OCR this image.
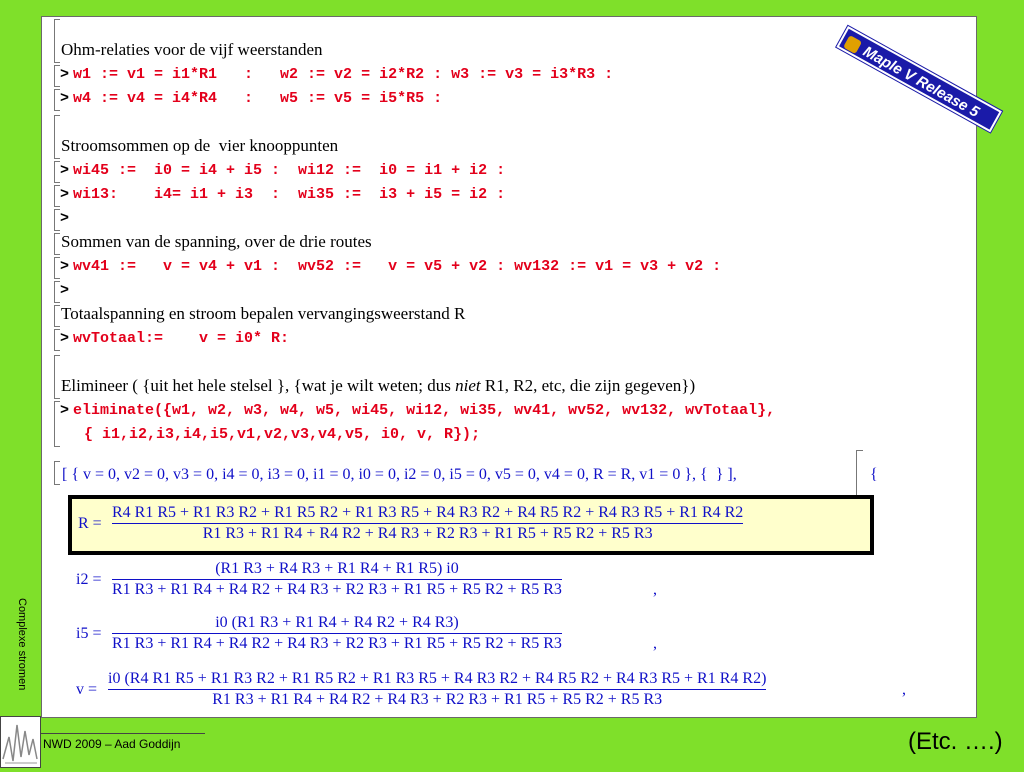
Ohm-relaties voor de vijf weerstanden
> w1 := v1 = i1*R1   :   w2 := v2 = i2*R2 : w3 := v3 = i3*R3 :
> w4 := v4 = i4*R4   :   w5 := v5 = i5*R5 :
Stroomsommen op de  vier knooppunten
> wi45 :=  i0 = i4 + i5 :  wi12 :=  i0 = i1 + i2 :
> wi13:    i4= i1 + i3  :  wi35 :=  i3 + i5 = i2 :
>
Sommen van de spanning, over de drie routes
> wv41 :=   v = v4 + v1 :  wv52 :=   v = v5 + v2 : wv132 := v1 = v3 + v2 :
>
Totaalspanning en stroom bepalen vervangingsweerstand R
> wvTotaal:=    v = i0* R:
Elimineer ( {uit het hele stelsel }, {wat je wilt weten; dus niet R1, R2, etc, die zijn gegeven})
> eliminate({w1, w2, w3, w4, w5, wi45, wi12, wi35, wv41, wv52, wv132, wvTotaal},
{ i1,i2,i3,i4,i5,v1,v2,v3,v4,v5, i0, v, R});
[ { v = 0, v2 = 0, v3 = 0, i4 = 0, i3 = 0, i1 = 0, i0 = 0, i2 = 0, i5 = 0, v5 = 0, v4 = 0, R = R, v1 = 0 }, {  } ],	{
R =
R4 R1 R5 + R1 R3 R2 + R1 R5 R2 + R1 R3 R5 + R4 R3 R2 + R4 R5 R2 + R4 R3 R5 + R1 R4 R2
R1 R3 + R1 R4 + R4 R2 + R4 R3 + R2 R3 + R1 R5 + R5 R2 + R5 R3
i2 =
(R1 R3 + R4 R3 + R1 R4 + R1 R5) i0
R1 R3 + R1 R4 + R4 R2 + R4 R3 + R2 R3 + R1 R5 + R5 R2 + R5 R3	,
i5 =
i0 (R1 R3 + R1 R4 + R4 R2 + R4 R3)
R1 R3 + R1 R4 + R4 R2 + R4 R3 + R2 R3 + R1 R5 + R5 R2 + R5 R3	,
v =
i0 (R4 R1 R5 + R1 R3 R2 + R1 R5 R2 + R1 R3 R5 + R4 R3 R2 + R4 R5 R2 + R4 R3 R5 + R1 R4 R2)
R1 R3 + R1 R4 + R4 R2 + R4 R3 + R2 R3 + R1 R5 + R5 R2 + R5 R3
,
Maple V Release 5
Complexe stromen
NWD 2009 – Aad Goddijn	(Etc. ….)
